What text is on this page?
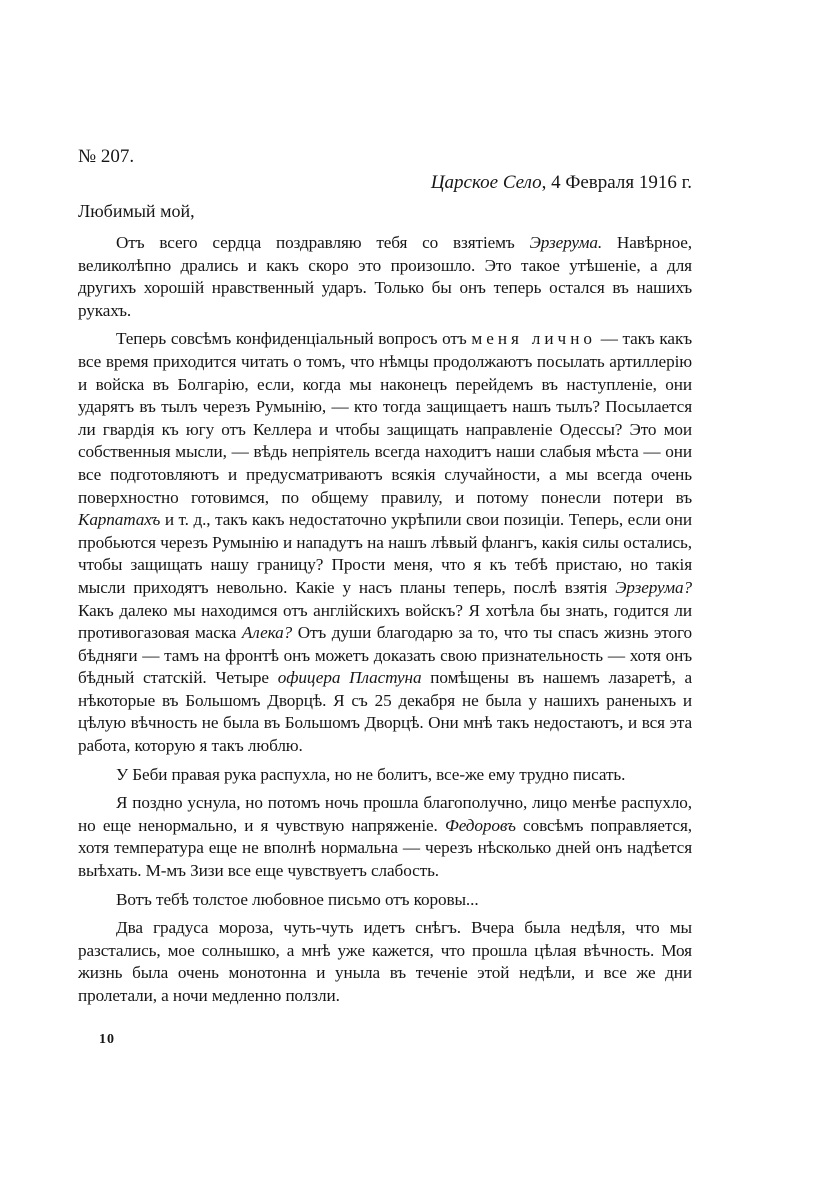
№ 207.
Царское Село, 4 Февраля 1916 г.
Любимый мой,

Отъ всего сердца поздравляю тебя со взятіемъ Эрзерума. Навѣрное, великолѣпно дрались и какъ скоро это произошло. Это такое утѣшеніе, а для другихъ хорошій нравственный ударъ. Только бы онъ теперь остался въ нашихъ рукахъ.

Теперь совсѣмъ конфиденціальный вопросъ отъ меня лично — такъ какъ все время приходится читать о томъ, что нѣмцы продолжаютъ посылать артиллерію и войска въ Болгарію, если, когда мы наконецъ перейдемъ въ наступленіе, они ударятъ въ тылъ черезъ Румынію, — кто тогда защищаетъ нашъ тылъ? Посылается ли гвардія къ югу отъ Келлера и чтобы защищать направленіе Одессы? Это мои собственныя мысли, — вѣдь непріятель всегда находитъ наши слабыя мѣста — они все подготовляютъ и предусматриваютъ всякія случайности, а мы всегда очень поверхностно готовимся, по общему правилу, и потому понесли потери въ Карпатахъ и т. д., такъ какъ недостаточно укрѣпили свои позиціи. Теперь, если они пробьются черезъ Румынію и нападутъ на нашъ лѣвый флангъ, какія силы остались, чтобы защищать нашу границу? Прости меня, что я къ тебѣ пристаю, но такія мысли приходятъ невольно. Какіе у насъ планы теперь, послѣ взятія Эрзерума? Какъ далеко мы находимся отъ англійскихъ войскъ? Я хотѣла бы знать, годится ли противогазовая маска Алека? Отъ души благодарю за то, что ты спасъ жизнь этого бѣдняги — тамъ на фронтѣ онъ можетъ доказать свою признательность — хотя онъ бѣдный статскій. Четыре офицера Пластуна помѣщены въ нашемъ лазаретѣ, а нѣкоторые въ Большомъ Дворцѣ. Я съ 25 декабря не была у нашихъ раненыхъ и цѣлую вѣчность не была въ Большомъ Дворцѣ. Они мнѣ такъ недостаютъ, и вся эта работа, которую я такъ люблю.

У Беби правая рука распухла, но не болитъ, все-же ему трудно писать.

Я поздно уснула, но потомъ ночь прошла благополучно, лицо менѣе распухло, но еще ненормально, и я чувствую напряженіе. Федоровъ совсѣмъ поправляется, хотя температура еще не вполнѣ нормальна — черезъ нѣсколько дней онъ надѣется выѣхать. М-мъ Зизи все еще чувствуетъ слабость.

Вотъ тебѣ толстое любовное письмо отъ коровы...

Два градуса мороза, чуть-чуть идетъ снѣгъ. Вчера была недѣля, что мы разстались, мое солнышко, а мнѣ уже кажется, что прошла цѣлая вѣчность. Моя жизнь была очень монотонна и уныла въ теченіе этой недѣли, и все же дни пролетали, а ночи медленно ползли.

10
